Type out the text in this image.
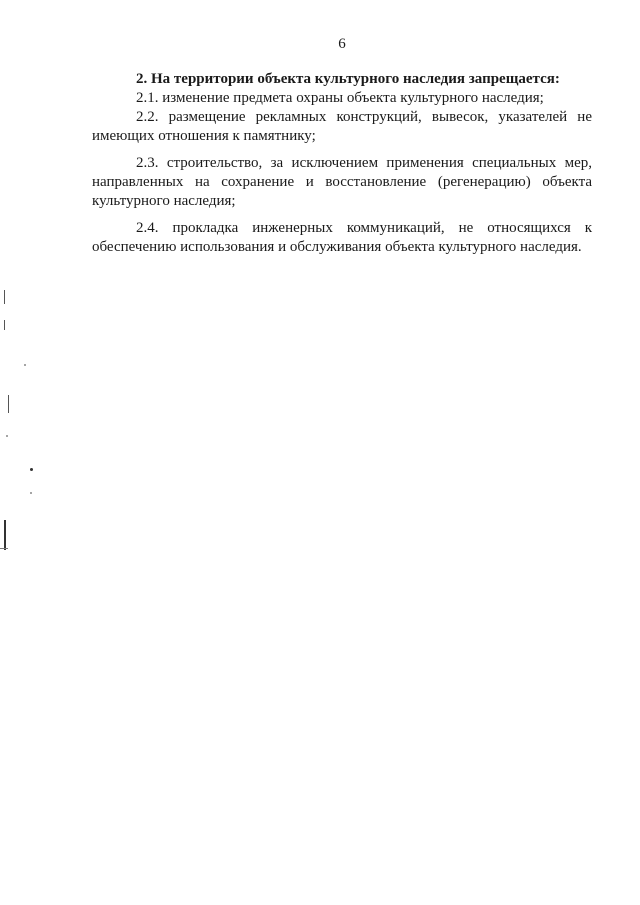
6

2. На территории объекта культурного наследия запрещается:

2.1. изменение предмета охраны объекта культурного наследия;

2.2. размещение рекламных конструкций, вывесок, указателей не имеющих отношения к памятнику;

2.3. строительство, за исключением применения специальных мер, направленных на сохранение и восстановление (регенерацию) объекта культурного наследия;

2.4. прокладка инженерных коммуникаций, не относящихся к обеспечению использования и обслуживания объекта культурного наследия.
